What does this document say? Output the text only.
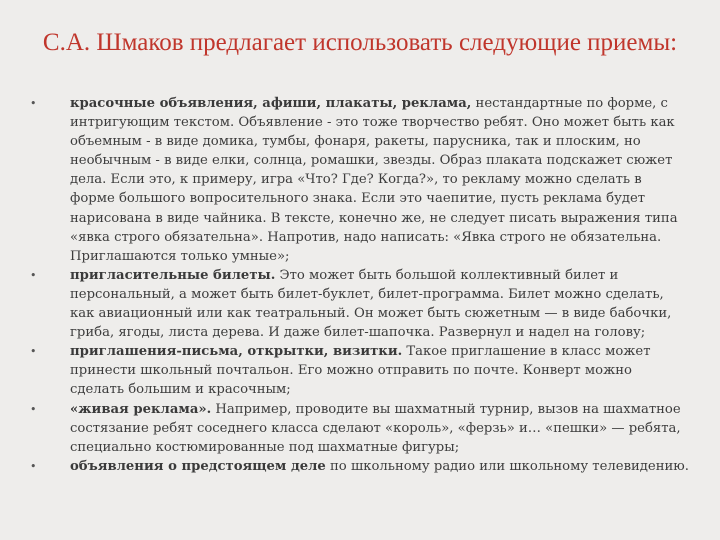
С.А. Шмаков предлагает использовать следующие приемы:
•	красочные объявления, афиши, плакаты, реклама, нестандартные по форме, с интригующим текстом. Объявление - это тоже творчество ребят. Оно может быть как объемным - в виде домика, тумбы, фонаря, ракеты, парусника, так и плоским, но необычным - в виде елки, солнца, ромашки, звезды. Образ плаката подскажет сюжет дела. Если это, к примеру, игра «Что? Где? Когда?», то рекламу можно сделать в форме большого вопросительного знака. Если это чаепитие, пусть реклама будет нарисована в виде чайника. В тексте, конечно же, не следует писать выражения типа «явка строго обязательна». Напротив, надо написать: «Явка строго не обязательна. Приглашаются только умные»;
•	пригласительные билеты. Это может быть большой коллективный билет и персональный, а может быть билет-буклет, билет-программа. Билет можно сделать, как авиационный или как театральный. Он может быть сюжетным — в виде бабочки, гриба, ягоды, листа дерева. И даже билет-шапочка. Развернул и надел на голову;
•	приглашения-письма, открытки, визитки. Такое приглашение в класс может принести школьный почтальон. Его можно отправить по почте. Конверт можно сделать большим и красочным;
•	«живая реклама». Например, проводите вы шахматный турнир, вызов на шахматное состязание ребят соседнего класса сделают «король», «ферзь» и… «пешки» — ребята, специально костюмированные под шахматные фигуры;
•	объявления о предстоящем деле по школьному радио или школьному телевидению.
